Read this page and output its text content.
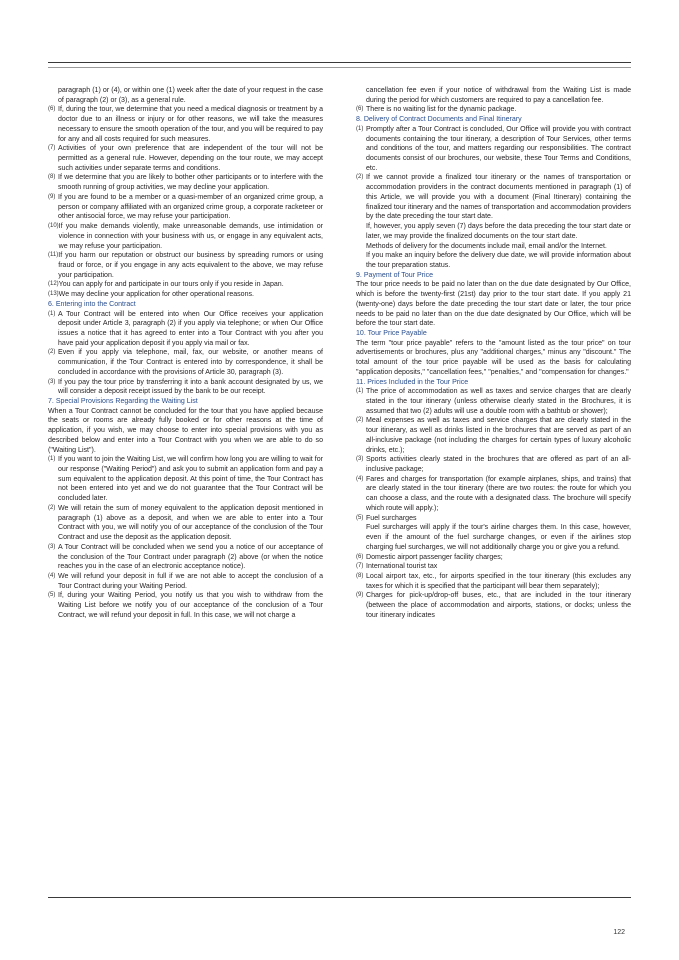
paragraph (1) or (4), or within one (1) week after the date of your request in the case of paragraph (2) or (3), as a general rule.

(6) If, during the tour, we determine that you need a medical diagnosis or treatment by a doctor due to an illness or injury or for other reasons, we will take the measures necessary to ensure the smooth operation of the tour, and you will be required to pay for any and all costs required for such measures.
(7) Activities of your own preference that are independent of the tour will not be permitted as a general rule. However, depending on the tour route, we may accept such activities under separate terms and conditions.
(8) If we determine that you are likely to bother other participants or to interfere with the smooth running of group activities, we may decline your application.
(9) If you are found to be a member or a quasi-member of an organized crime group, a person or company affiliated with an organized crime group, a corporate racketeer or other antisocial force, we may refuse your participation.
(10) If you make demands violently, make unreasonable demands, use intimidation or violence in connection with your business with us, or engage in any equivalent acts, we may refuse your participation.
(11) If you harm our reputation or obstruct our business by spreading rumors or using fraud or force, or if you engage in any acts equivalent to the above, we may refuse your participation.
(12) You can apply for and participate in our tours only if you reside in Japan.
(13) We may decline your application for other operational reasons.

6. Entering into the Contract

(1) A Tour Contract will be entered into when Our Office receives your application deposit under Article 3, paragraph (2) if you apply via telephone; or when Our Office issues a notice that it has agreed to enter into a Tour Contract with you after you have paid your application deposit if you apply via mail or fax.
(2) Even if you apply via telephone, mail, fax, our website, or another means of communication, if the Tour Contract is entered into by correspondence, it shall be concluded in accordance with the provisions of Article 30, paragraph (3).
(3) If you pay the tour price by transferring it into a bank account designated by us, we will consider a deposit receipt issued by the bank to be our receipt.

7. Special Provisions Regarding the Waiting List

When a Tour Contract cannot be concluded for the tour that you have applied because the seats or rooms are already fully booked or for other reasons at the time of application, if you wish, we may choose to enter into special provisions with you as described below and enter into a Tour Contract with you when we are able to do so ("Waiting List").

(1) If you want to join the Waiting List, we will confirm how long you are willing to wait for our response ("Waiting Period") and ask you to submit an application form and pay a sum equivalent to the application deposit. At this point of time, the Tour Contract has not been entered into yet and we do not guarantee that the Tour Contract will be concluded later.
(2) We will retain the sum of money equivalent to the application deposit mentioned in paragraph (1) above as a deposit, and when we are able to enter into a Tour Contract with you, we will notify you of our acceptance of the conclusion of the Tour Contract and use the deposit as the application deposit.
(3) A Tour Contract will be concluded when we send you a notice of our acceptance of the conclusion of the Tour Contract under paragraph (2) above (or when the notice reaches you in the case of an electronic acceptance notice).
(4) We will refund your deposit in full if we are not able to accept the conclusion of a Tour Contract during your Waiting Period.
(5) If, during your Waiting Period, you notify us that you wish to withdraw from the Waiting List before we notify you of our acceptance of the conclusion of a Tour Contract, we will refund your deposit in full. In this case, we will not charge a

cancellation fee even if your notice of withdrawal from the Waiting List is made during the period for which customers are required to pay a cancellation fee.

(6) There is no waiting list for the dynamic package.

8. Delivery of Contract Documents and Final Itinerary

(1) Promptly after a Tour Contract is concluded, Our Office will provide you with contract documents containing the tour itinerary, a description of Tour Services, other terms and conditions of the tour, and matters regarding our responsibilities. The contract documents consist of our brochures, our website, these Tour Terms and Conditions, etc.
(2) If we cannot provide a finalized tour itinerary or the names of transportation or accommodation providers in the contract documents mentioned in paragraph (1) of this Article, we will provide you with a document (Final Itinerary) containing the finalized tour itinerary and the names of transportation and accommodation providers by the date preceding the tour start date.

If, however, you apply seven (7) days before the data preceding the tour start date or later, we may provide the finalized documents on the tour start date.

Methods of delivery for the documents include mail, email and/or the Internet.

If you make an inquiry before the delivery due date, we will provide information about the tour preparation status.

9. Payment of Tour Price

The tour price needs to be paid no later than on the due date designated by Our Office, which is before the twenty-first (21st) day prior to the tour start date. If you apply 21 (twenty-one) days before the date preceding the tour start date or later, the tour price needs to be paid no later than on the due date designated by Our Office, which will be before the tour start date.

10. Tour Price Payable

The term "tour price payable" refers to the "amount listed as the tour price" on tour advertisements or brochures, plus any "additional charges," minus any "discount." The total amount of the tour price payable will be used as the basis for calculating "application deposits," "cancellation fees," "penalties," and "compensation for changes."

11. Prices Included in the Tour Price

(1) The price of accommodation as well as taxes and service charges that are clearly stated in the tour itinerary (unless otherwise clearly stated in the Brochures, it is assumed that two (2) adults will use a double room with a bathtub or shower);
(2) Meal expenses as well as taxes and service charges that are clearly stated in the tour itinerary, as well as drinks listed in the brochures that are served as part of an all-inclusive package (not including the charges for certain types of luxury alcoholic drinks, etc.);
(3) Sports activities clearly stated in the brochures that are offered as part of an all-inclusive package;
(4) Fares and charges for transportation (for example airplanes, ships, and trains) that are clearly stated in the tour itinerary (there are two routes: the route for which you can choose a class, and the route with a designated class. The brochure will specify which route will apply.);
(5) Fuel surcharges

Fuel surcharges will apply if the tour's airline charges them. In this case, however, even if the amount of the fuel surcharge changes, or even if the airlines stop charging fuel surcharges, we will not additionally charge you or give you a refund.

(6) Domestic airport passenger facility charges;
(7) International tourist tax
(8) Local airport tax, etc., for airports specified in the tour itinerary (this excludes any taxes for which it is specified that the participant will bear them separately);
(9) Charges for pick-up/drop-off buses, etc., that are included in the tour itinerary (between the place of accommodation and airports, stations, or docks; unless the tour itinerary indicates
122
